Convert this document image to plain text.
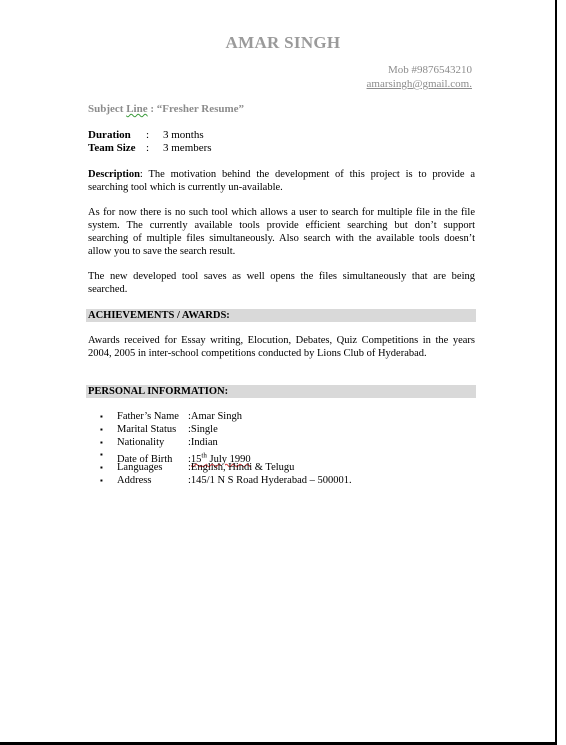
AMAR SINGH
Mob #9876543210
amarsingh@gmail.com.
Subject Line : “Fresher Resume”
Duration : 3 months
Team Size : 3 members
Description: The motivation behind the development of this project is to provide a searching tool which is currently un-available.
As for now there is no such tool which allows a user to search for multiple file in the file system. The currently available tools provide efficient searching but don’t support searching of multiple files simultaneously. Also search with the available tools doesn’t allow you to save the search result.
The new developed tool saves as well opens the files simultaneously that are being searched.
ACHIEVEMENTS / AWARDS:
Awards received for Essay writing, Elocution, Debates, Quiz Competitions in the years 2004, 2005 in inter-school competitions conducted by Lions Club of Hyderabad.
PERSONAL INFORMATION:
▪ Father’s Name :Amar Singh
▪ Marital Status :Single
▪ Nationality :Indian
▪ Date of Birth :15th July 1990
▪ Languages :English, Hindi & Telugu
▪ Address	:145/1 N S Road Hyderabad – 500001.
